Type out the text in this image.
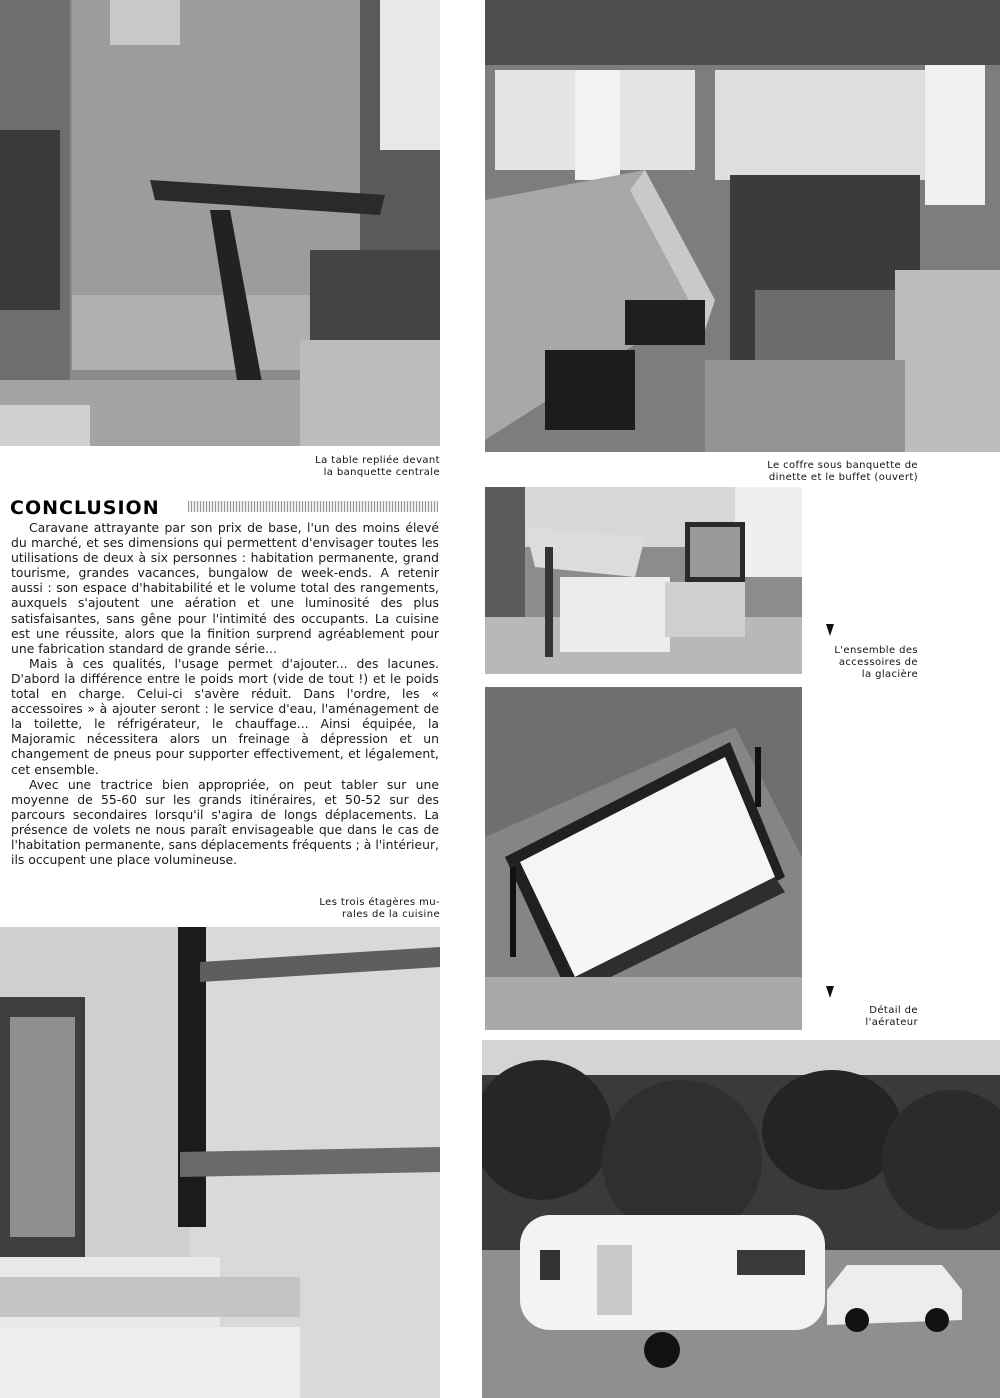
La table repliée devant
la banquette centrale
Le coffre sous banquette de
dinette et le buffet (ouvert)
CONCLUSION

Caravane attrayante par son prix de base, l'un des moins élevé du marché, et ses dimensions qui permettent d'envisager toutes les utilisations de deux à six personnes : habitation permanente, grand tourisme, grandes vacances, bungalow de week-ends. A retenir aussi : son espace d'habitabilité et le volume total des rangements, auxquels s'ajoutent une aération et une luminosité des plus satisfaisantes, sans gêne pour l'intimité des occupants. La cuisine est une réussite, alors que la finition surprend agréablement pour une fabrication standard de grande série...

Mais à ces qualités, l'usage permet d'ajouter... des lacunes. D'abord la différence entre le poids mort (vide de tout !) et le poids total en charge. Celui-ci s'avère réduit. Dans l'ordre, les « accessoires » à ajouter seront : le service d'eau, l'aménagement de la toilette, le réfrigérateur, le chauffage... Ainsi équipée, la Majoramic nécessitera alors un freinage à dépression et un changement de pneus pour supporter effectivement, et légalement, cet ensemble.

Avec une tractrice bien appropriée, on peut tabler sur une moyenne de 55-60 sur les grands itinéraires, et 50-52 sur des parcours secondaires lorsqu'il s'agira de longs déplacements. La présence de volets ne nous paraît envisageable que dans le cas de l'habitation permanente, sans déplacements fréquents ; à l'intérieur, ils occupent une place volumineuse.

L'ensemble des
accessoires de
la glacière
Détail de
l'aérateur
Les trois étagères mu-
rales de la cuisine
